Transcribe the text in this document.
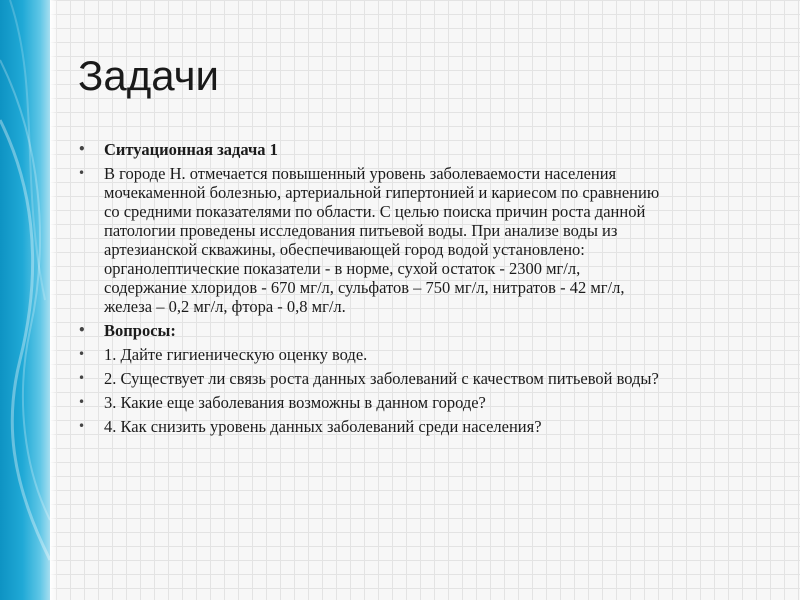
Задачи
• Ситуационная задача 1
• В городе Н. отмечается повышенный уровень заболеваемости населения
мочекаменной болезнью, артериальной гипертонией и кариесом по сравнению
со средними показателями по области. С целью поиска причин роста данной
патологии проведены исследования питьевой воды. При анализе воды из
артезианской скважины, обеспечивающей город водой установлено:
органолептические показатели - в норме, сухой остаток - 2300 мг/л,
содержание хлоридов - 670 мг/л, сульфатов – 750 мг/л, нитратов - 42 мг/л,
железа – 0,2 мг/л, фтора - 0,8 мг/л.
• Вопросы:
• 1. Дайте гигиеническую оценку воде.
• 2. Существует ли связь роста данных заболеваний с качеством питьевой воды?
• 3. Какие еще заболевания возможны в данном городе?
• 4. Как снизить уровень данных заболеваний среди населения?
